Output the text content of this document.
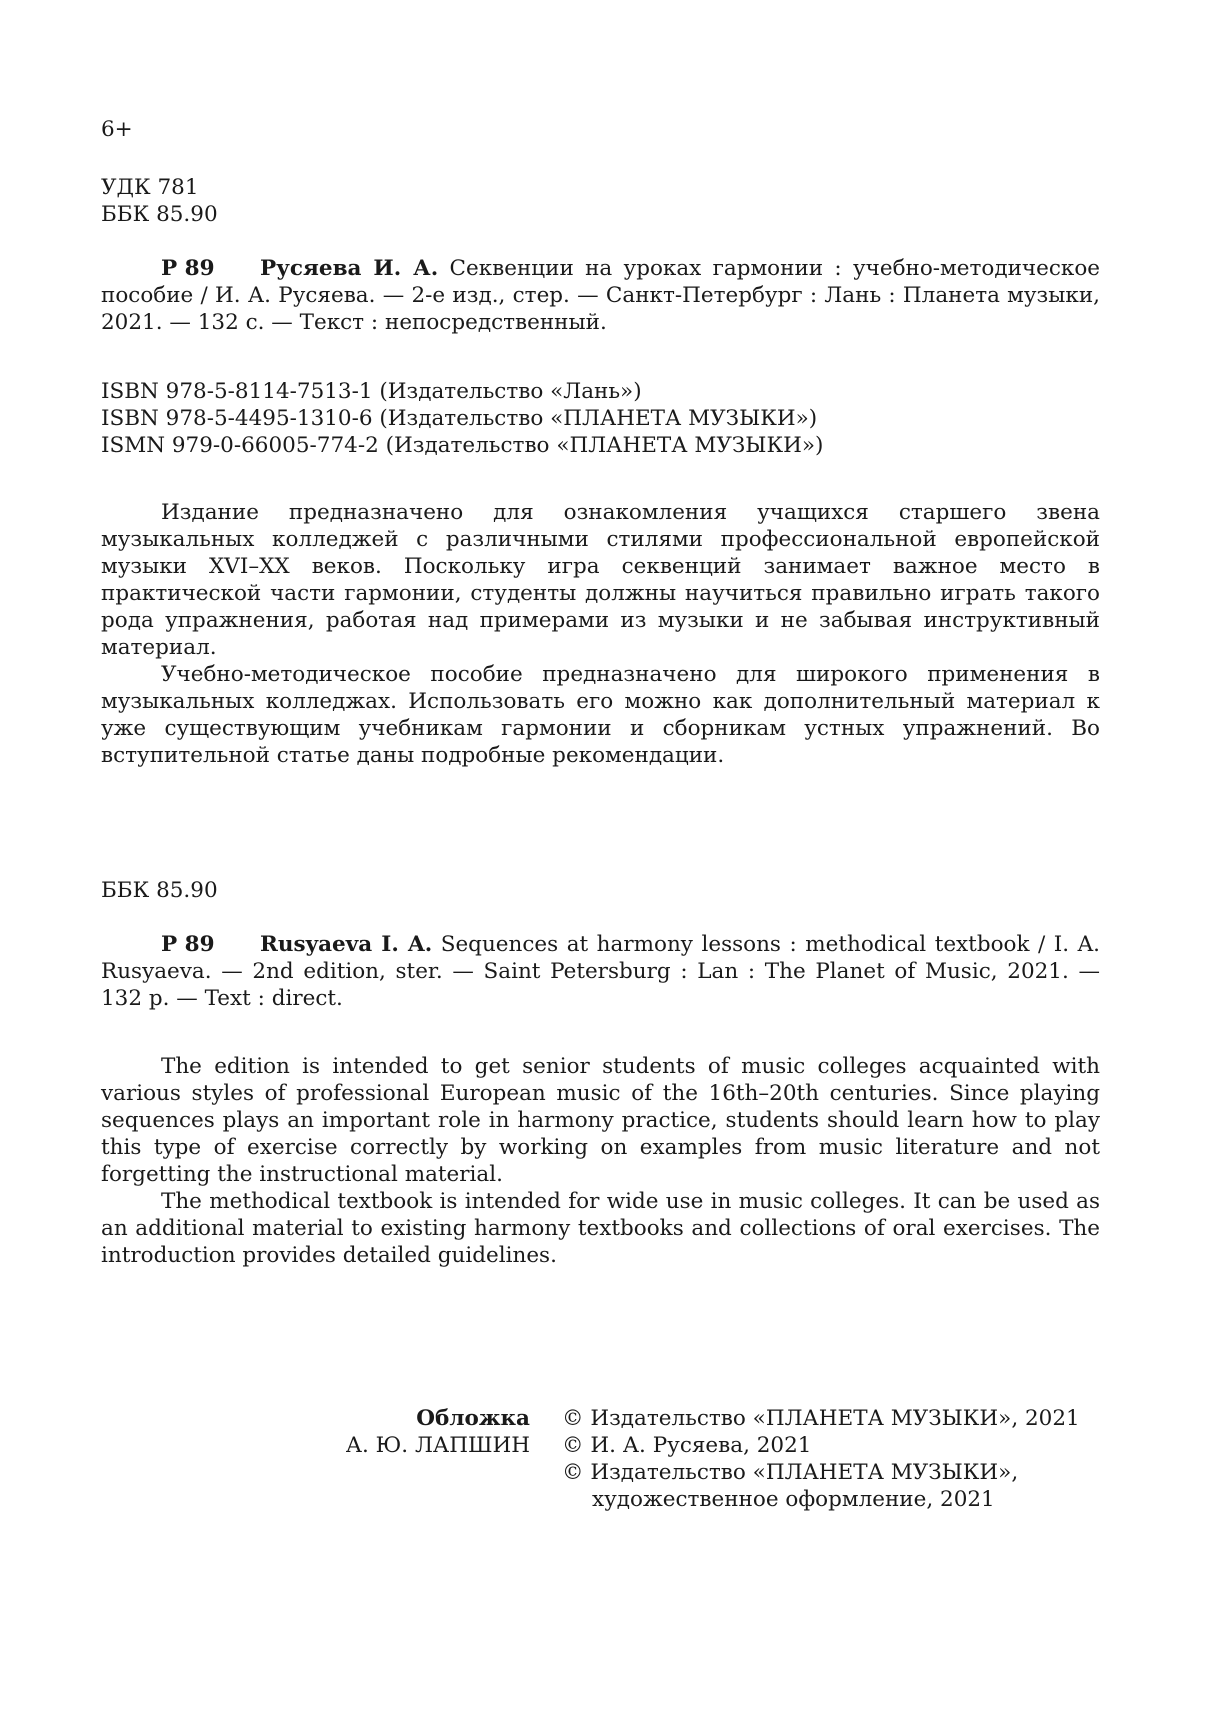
6+
УДК 781
ББК 85.90

Р 89 Русяева И. А. Секвенции на уроках гармонии : учебно-методическое пособие / И. А. Русяева. — 2-е изд., стер. — Санкт-Петербург : Лань : Планета музыки, 2021. — 132 с. — Текст : непосредственный.

ISBN 978-5-8114-7513-1 (Издательство «Лань»)
ISBN 978-5-4495-1310-6 (Издательство «ПЛАНЕТА МУЗЫКИ»)
ISMN 979-0-66005-774-2 (Издательство «ПЛАНЕТА МУЗЫКИ»)

Издание предназначено для ознакомления учащихся старшего звена музыкальных колледжей с различными стилями профессиональной европейской музыки XVI–XX веков. Поскольку игра секвенций занимает важное место в практической части гармонии, студенты должны научиться правильно играть такого рода упражнения, работая над примерами из музыки и не забывая инструктивный материал.

Учебно-методическое пособие предназначено для широкого применения в музыкальных колледжах. Использовать его можно как дополнительный материал к уже существующим учебникам гармонии и сборникам устных упражнений. Во вступительной статье даны подробные рекомендации.

ББК 85.90

Р 89 Rusyaeva I. A. Sequences at harmony lessons : methodical textbook / I. A. Rusyaeva. — 2nd edition, ster. — Saint Petersburg : Lan : The Planet of Music, 2021. — 132 p. — Text : direct.

The edition is intended to get senior students of music colleges acquainted with various styles of professional European music of the 16th–20th centuries. Since playing sequences plays an important role in harmony practice, students should learn how to play this type of exercise correctly by working on examples from music literature and not forgetting the instructional material.

The methodical textbook is intended for wide use in music colleges. It can be used as an additional material to existing harmony textbooks and collections of oral exercises. The introduction provides detailed guidelines.

Обложка
А. Ю. ЛАПШИН
© Издательство «ПЛАНЕТА МУЗЫКИ», 2021
© И. А. Русяева, 2021
© Издательство «ПЛАНЕТА МУЗЫКИ»,
художественное оформление, 2021
